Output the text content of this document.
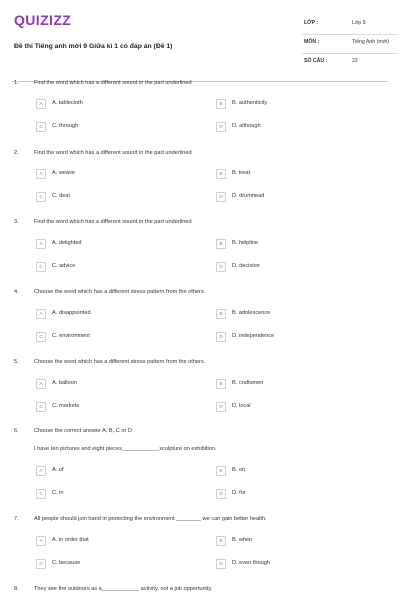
QUIZIZZ
Đề thi Tiếng anh mới 9 Giữa kì 1 có đáp án (Đề 1)
LỚP :	Lớp 9
MÔN :	Tiếng Anh (mới)
SỐ CÂU :	22
1.	Find the word which has a different sound in the part underlined
A	A. tablecloth	B	B. authenticity
C	C. through	D	D. although
2.	Find the word which has a different sound in the part underlined
A	A. weave	B	B. treat
C	C. deal	D	D. drumhead
3.	Find the word which has a different sound in the part underlined
A	A. delighted	B	B. helpline
C	C. advice	D	D. decision
4.	Choose the word which has a different stress pattern from the others.
A	A. disappointed	B	B. adolescence
C	C. environment	D	D. independence
5.	Choose the word which has a different stress pattern from the others.
A	A. balloon	B	B. craftsmen
C	C. markets	D	D. local
6.	Choose the correct answer A, B, C or D
I have ten pictures and eight pieces____________sculpture on exhibition.
A	A. of	B	B. on
C	C. in	D	D. for
7.	All people should join hand in protecting the environment ________ we can gain better health.
A	A. in order that	B	B. when
C	C. because	D	D. even though
8.	They see the outdoors as a____________ activity, not a job opportunity.
